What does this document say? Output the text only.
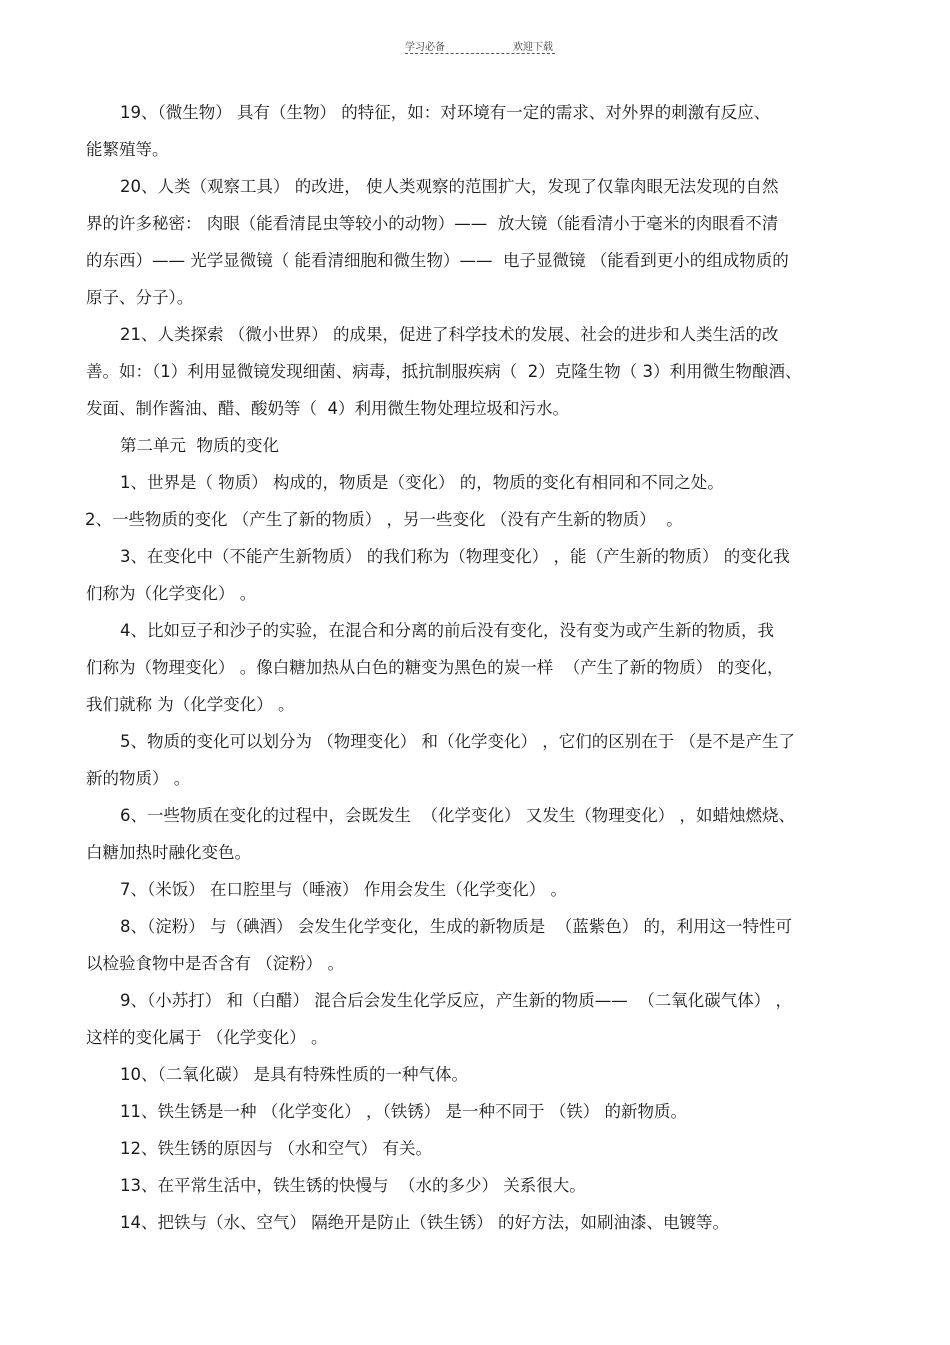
学习必备	欢迎下载
19、（微生物） 具有（生物） 的特征，如：对环境有一定的需求、对外界的刺激有反应、
能繁殖等。
20、人类（观察工具） 的改进， 使人类观察的范围扩大，发现了仅靠肉眼无法发现的自然
界的许多秘密： 肉眼（能看清昆虫等较小的动物）——  放大镜（能看清小于毫米的肉眼看不清
的东西）—— 光学显微镜（ 能看清细胞和微生物）——  电子显微镜 （能看到更小的组成物质的
原子、分子）。
21、人类探索 （微小世界） 的成果，促进了科学技术的发展、社会的进步和人类生活的改
善。如：（1）利用显微镜发现细菌、病毒，抵抗制服疾病（  2）克隆生物（ 3）利用微生物酿酒、
发面、制作酱油、醋、酸奶等（  4）利用微生物处理垃圾和污水。
第二单元  物质的变化
1、世界是（ 物质） 构成的，物质是（变化） 的，物质的变化有相同和不同之处。
2、一些物质的变化 （产生了新的物质） ，另一些变化 （没有产生新的物质）  。
3、在变化中（不能产生新物质） 的我们称为（物理变化） ，能（产生新的物质） 的变化我
们称为（化学变化） 。
4、比如豆子和沙子的实验，在混合和分离的前后没有变化，没有变为或产生新的物质，我
们称为（物理变化） 。像白糖加热从白色的糖变为黑色的炭一样  （产生了新的物质） 的变化，
我们就称 为（化学变化） 。
5、物质的变化可以划分为 （物理变化） 和（化学变化） ，它们的区别在于 （是不是产生了
新的物质） 。
6、一些物质在变化的过程中，会既发生  （化学变化） 又发生（物理变化） ，如蜡烛燃烧、
白糖加热时融化变色。
7、（米饭） 在口腔里与（唾液） 作用会发生（化学变化） 。
8、（淀粉） 与（碘酒） 会发生化学变化，生成的新物质是  （蓝紫色） 的，利用这一特性可
以检验食物中是否含有 （淀粉） 。
9、（小苏打） 和（白醋） 混合后会发生化学反应，产生新的物质——  （二氧化碳气体） ，
这样的变化属于 （化学变化） 。
10、（二氧化碳） 是具有特殊性质的一种气体。
11、铁生锈是一种 （化学变化） ，（铁锈） 是一种不同于 （铁） 的新物质。
12、铁生锈的原因与 （水和空气） 有关。
13、在平常生活中，铁生锈的快慢与  （水的多少） 关系很大。
14、把铁与（水、空气） 隔绝开是防止（铁生锈） 的好方法，如刷油漆、电镀等。
